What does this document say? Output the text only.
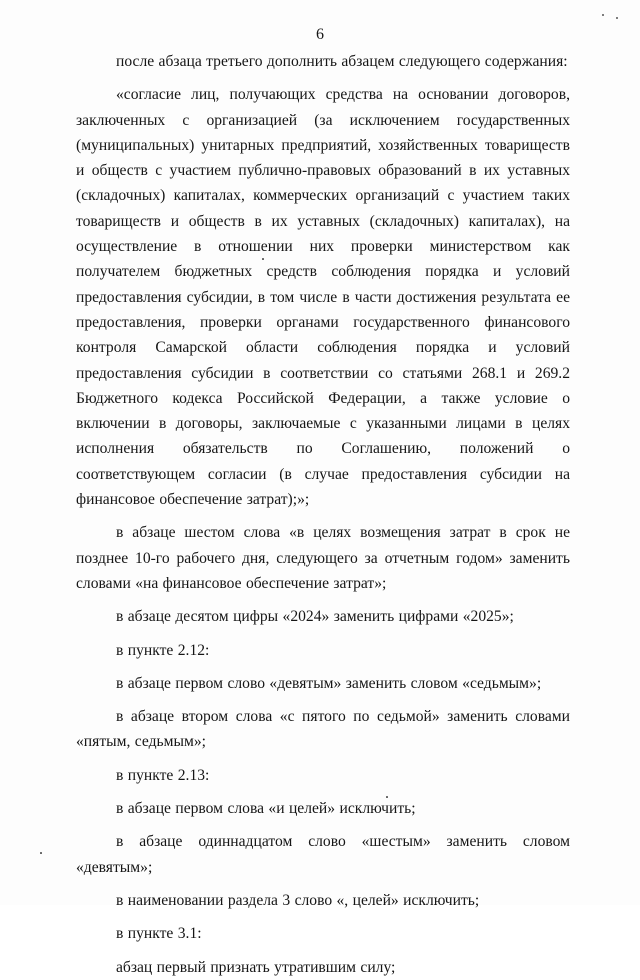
6

после абзаца третьего дополнить абзацем следующего содержания:

«согласие лиц, получающих средства на основании договоров, заключенных с организацией (за исключением государственных (муниципальных) унитарных предприятий, хозяйственных товариществ и обществ с участием публично-правовых образований в их уставных (складочных) капиталах, коммерческих организаций с участием таких товариществ и обществ в их уставных (складочных) капиталах), на осуществление в отношении них проверки министерством как получателем бюджетных средств соблюдения порядка и условий предоставления субсидии, в том числе в части достижения результата ее предоставления, проверки органами государственного финансового контроля Самарской области соблюдения порядка и условий предоставления субсидии в соответствии со статьями 268.1 и 269.2 Бюджетного кодекса Российской Федерации, а также условие о включении в договоры, заключаемые с указанными лицами в целях исполнения обязательств по Соглашению, положений о соответствующем согласии (в случае предоставления субсидии на финансовое обеспечение затрат);»;

в абзаце шестом слова «в целях возмещения затрат в срок не позднее 10-го рабочего дня, следующего за отчетным годом» заменить словами «на финансовое обеспечение затрат»;

в абзаце десятом цифры «2024» заменить цифрами «2025»;

в пункте 2.12:

в абзаце первом слово «девятым» заменить словом «седьмым»;

в абзаце втором слова «с пятого по седьмой» заменить словами «пятым, седьмым»;

в пункте 2.13:

в абзаце первом слова «и целей» исключить;

в абзаце одиннадцатом слово «шестым» заменить словом «девятым»;

в наименовании раздела 3 слово «, целей» исключить;

в пункте 3.1:

абзац первый признать утратившим силу;
